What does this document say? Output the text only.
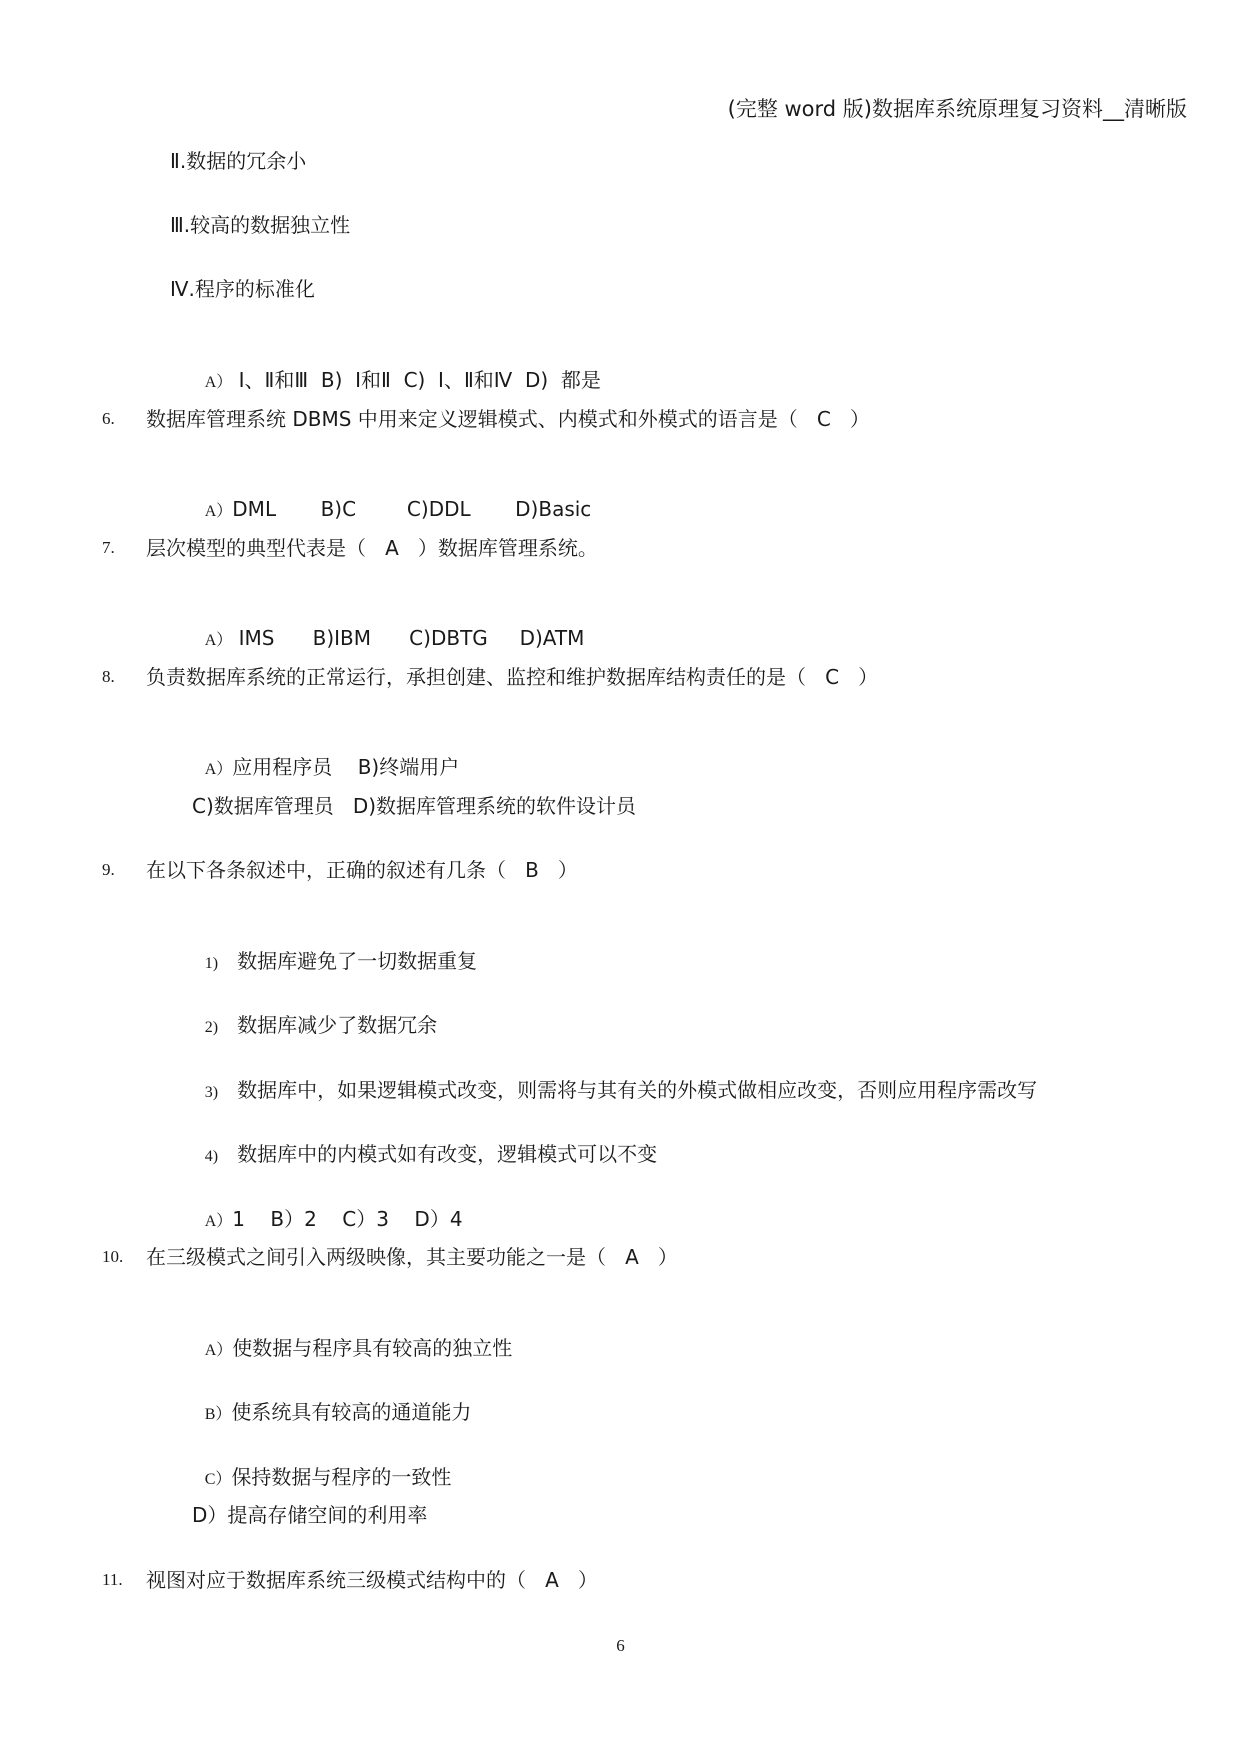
(完整 word 版)数据库系统原理复习资料__清晰版
Ⅱ.数据的冗余小
Ⅲ.较高的数据独立性
Ⅳ.程序的标准化

A） Ⅰ、Ⅱ和Ⅲ  B)  Ⅰ和Ⅱ  C)  Ⅰ、Ⅱ和Ⅳ  D)  都是

6. 数据库管理系统 DBMS 中用来定义逻辑模式、内模式和外模式的语言是（   C   ）

A）DML       B)C        C)DDL       D)Basic

7. 层次模型的典型代表是（   A   ）数据库管理系统。

A） IMS      B)IBM      C)DBTG     D)ATM

8. 负责数据库系统的正常运行，承担创建、监控和维护数据库结构责任的是（   C   ）

A）应用程序员    B)终端用户

C)数据库管理员   D)数据库管理系统的软件设计员
9. 在以下各条叙述中，正确的叙述有几条（   B   ）

1)   数据库避免了一切数据重复

2)   数据库减少了数据冗余

3)   数据库中，如果逻辑模式改变，则需将与其有关的外模式做相应改变，否则应用程序需改写

4)   数据库中的内模式如有改变，逻辑模式可以不变

A）1    B）2    C）3    D）4

10. 在三级模式之间引入两级映像，其主要功能之一是（   A   ）

A）使数据与程序具有较高的独立性

B）使系统具有较高的通道能力

C）保持数据与程序的一致性

D）提高存储空间的利用率
11. 视图对应于数据库系统三级模式结构中的（   A   ）
6
